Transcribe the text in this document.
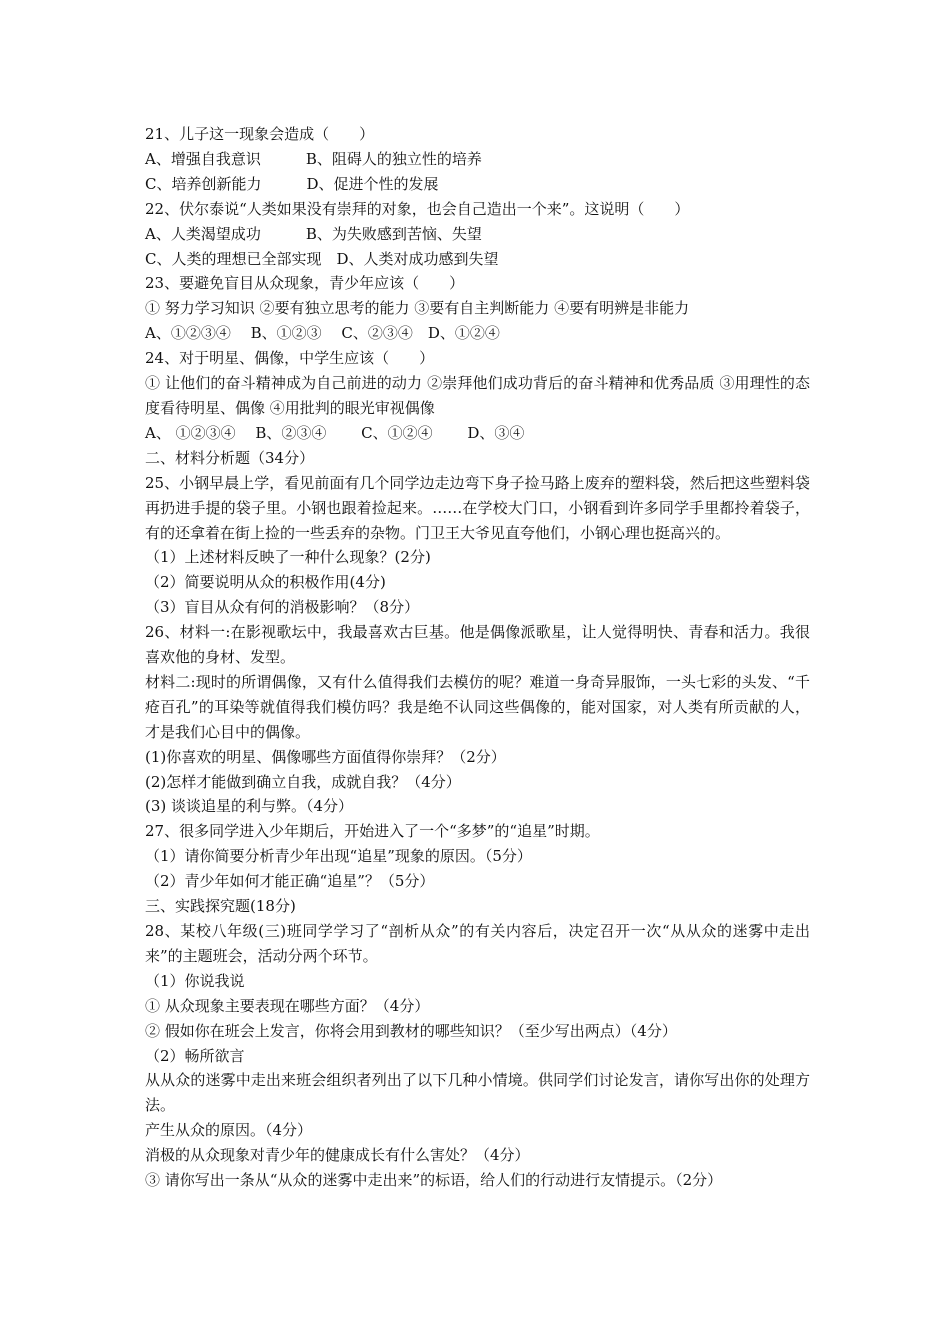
21、儿子这一现象会造成（　　）
A、增强自我意识　　　B、阻碍人的独立性的培养
C、培养创新能力　　　D、促进个性的发展
22、伏尔泰说“人类如果没有崇拜的对象，也会自己造出一个来”。这说明（　　）
A、人类渴望成功　　　B、为失败感到苦恼、失望
C、人类的理想已全部实现　D、人类对成功感到失望
23、要避免盲目从众现象，青少年应该（　　）
① 努力学习知识 ②要有独立思考的能力 ③要有自主判断能力 ④要有明辨是非能力
A、①②③④　 B、①②③　 C、②③④　D、①②④
24、对于明星、偶像，中学生应该（　　）
① 让他们的奋斗精神成为自己前进的动力 ②崇拜他们成功背后的奋斗精神和优秀品质 ③用理性的态度看待明星、偶像 ④用批判的眼光审视偶像
A、 ①②③④　 B、②③④　　 C、①②④　　 D、③④
二、材料分析题（34分）
25、小钢早晨上学，看见前面有几个同学边走边弯下身子捡马路上废弃的塑料袋，然后把这些塑料袋再扔进手提的袋子里。小钢也跟着捡起来。……在学校大门口，小钢看到许多同学手里都拎着袋子，有的还拿着在街上捡的一些丢弃的杂物。门卫王大爷见直夸他们，小钢心理也挺高兴的。
（1）上述材料反映了一种什么现象？(2分)
（2）简要说明从众的积极作用(4分)
（3）盲目从众有何的消极影响？（8分）
26、材料一:在影视歌坛中，我最喜欢古巨基。他是偶像派歌星，让人觉得明快、青春和活力。我很喜欢他的身材、发型。
材料二:现时的所谓偶像，又有什么值得我们去模仿的呢？难道一身奇异服饰，一头七彩的头发、“千疮百孔”的耳染等就值得我们模仿吗？我是绝不认同这些偶像的，能对国家，对人类有所贡献的人，才是我们心目中的偶像。
(1)你喜欢的明星、偶像哪些方面值得你崇拜？（2分）
(2)怎样才能做到确立自我，成就自我？（4分）
(3) 谈谈追星的利与弊。（4分）
27、很多同学进入少年期后，开始进入了一个“多梦”的“追星”时期。
（1）请你简要分析青少年出现“追星”现象的原因。（5分）
（2）青少年如何才能正确“追星”？（5分）
三、实践探究题(18分)
28、某校八年级(三)班同学学习了“剖析从众”的有关内容后，决定召开一次“从从众的迷雾中走出来”的主题班会，活动分两个环节。
（1）你说我说
① 从众现象主要表现在哪些方面？（4分）
② 假如你在班会上发言，你将会用到教材的哪些知识？（至少写出两点）（4分）
（2）畅所欲言
从从众的迷雾中走出来班会组织者列出了以下几种小情境。供同学们讨论发言，请你写出你的处理方法。
产生从众的原因。（4分）
消极的从众现象对青少年的健康成长有什么害处？（4分）
③ 请你写出一条从“从众的迷雾中走出来”的标语，给人们的行动进行友情提示。（2分）
